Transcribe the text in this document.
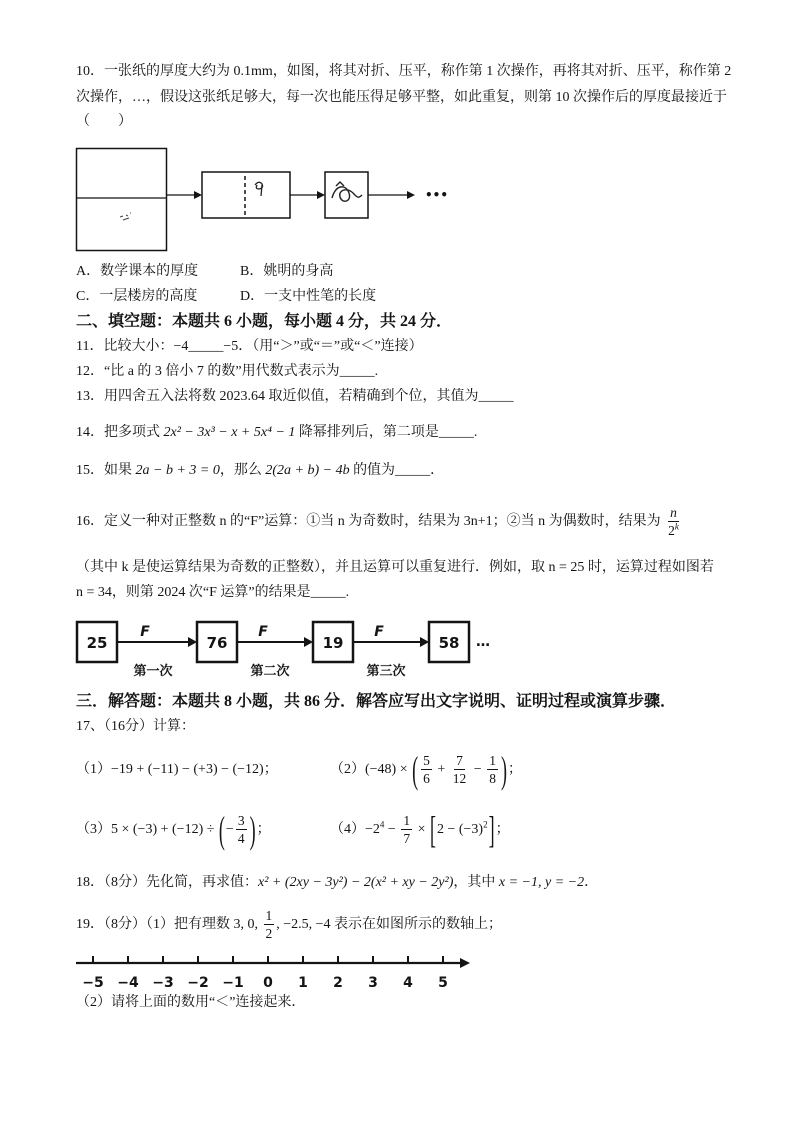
10．一张纸的厚度大约为 0.1mm，如图，将其对折、压平，称作第 1 次操作，再将其对折、压平，称作第 2
次操作，…，假设这张纸足够大，每一次也能压得足够平整，如此重复，则第 10 次操作后的厚度最接近于
（　　）
•••
A．数学课本的厚度	B．姚明的身高
C．一层楼房的高度	D．一支中性笔的长度
二、填空题：本题共 6 小题，每小题 4 分，共 24 分．
11．比较大小：−4_____−5．（用“＞”或“＝”或“＜”连接）
12．“比 a 的 3 倍小 7 的数”用代数式表示为_____.
13．用四舍五入法将数 2023.64 取近似值，若精确到个位，其值为_____
14．把多项式 2x² − 3x³ − x + 5x⁴ − 1 降幂排列后，第二项是_____.
15．如果 2a − b + 3 = 0，那么 2(2a + b) − 4b 的值为_____．
16．定义一种对正整数 n 的“F”运算：①当 n 为奇数时，结果为 3n+1；②当 n 为偶数时，结果为 $\frac{n}{2^k}$
（其中 k 是使运算结果为奇数的正整数），并且运算可以重复进行．例如，取 n = 25 时，运算过程如图若
n = 34，则第 2024 次“F 运算”的结果是_____.
25
F
第一次
76
F
第二次
19
F
第三次
58 …
三．解答题：本题共 8 小题，共 86 分．解答应写出文字说明、证明过程或演算步骤．
17、（16分）计算：
（1）−19 + (−11) − (+3) − (−12)；	（2）(−48) × ( $\frac{5}{6} + \frac{7}{12} - \frac{1}{8}$ )；
（3）5 × (−3) + (−12) ÷ (− $\frac{3}{4}$ )；	$(4)-2^4 - \frac{1}{7} \times [2 - (-3)^2]$；
18．（8分）先化简，再求值：x² + (2xy − 3y²) − 2(x² + xy − 2y²)，其中 x = −1, y = −2．
19．（8分）（1）把有理数 3, 0, $\frac{1}{2}$ , −2.5, −4 表示在如图所示的数轴上；
−5 −4 −3 −2 −1 0 1 2 3 4 5
（2）请将上面的数用“＜”连接起来．
